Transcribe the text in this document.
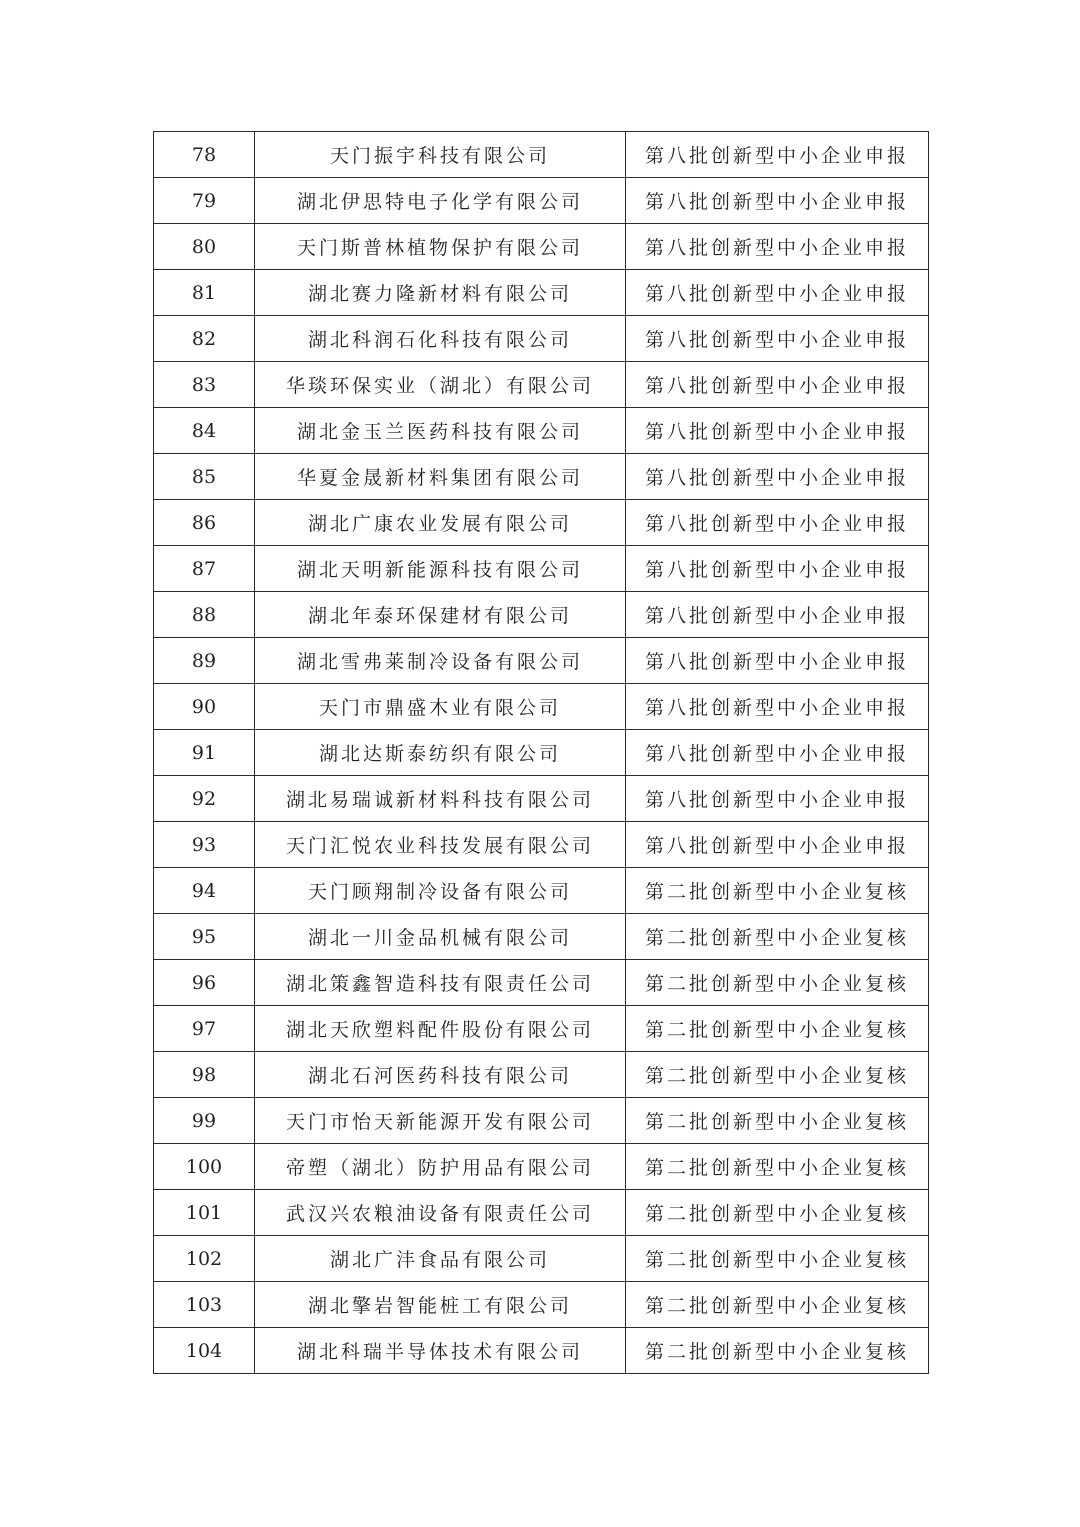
78	天门振宇科技有限公司	第八批创新型中小企业申报
79	湖北伊思特电子化学有限公司	第八批创新型中小企业申报
80	天门斯普林植物保护有限公司	第八批创新型中小企业申报
81	湖北赛力隆新材料有限公司	第八批创新型中小企业申报
82	湖北科润石化科技有限公司	第八批创新型中小企业申报
83	华琰环保实业（湖北）有限公司	第八批创新型中小企业申报
84	湖北金玉兰医药科技有限公司	第八批创新型中小企业申报
85	华夏金晟新材料集团有限公司	第八批创新型中小企业申报
86	湖北广康农业发展有限公司	第八批创新型中小企业申报
87	湖北天明新能源科技有限公司	第八批创新型中小企业申报
88	湖北年泰环保建材有限公司	第八批创新型中小企业申报
89	湖北雪弗莱制冷设备有限公司	第八批创新型中小企业申报
90	天门市鼎盛木业有限公司	第八批创新型中小企业申报
91	湖北达斯泰纺织有限公司	第八批创新型中小企业申报
92	湖北易瑞诚新材料科技有限公司	第八批创新型中小企业申报
93	天门汇悦农业科技发展有限公司	第八批创新型中小企业申报
94	天门顾翔制冷设备有限公司	第二批创新型中小企业复核
95	湖北一川金品机械有限公司	第二批创新型中小企业复核
96	湖北策鑫智造科技有限责任公司	第二批创新型中小企业复核
97	湖北天欣塑料配件股份有限公司	第二批创新型中小企业复核
98	湖北石河医药科技有限公司	第二批创新型中小企业复核
99	天门市怡天新能源开发有限公司	第二批创新型中小企业复核
100	帝塑（湖北）防护用品有限公司	第二批创新型中小企业复核
101	武汉兴农粮油设备有限责任公司	第二批创新型中小企业复核
102	湖北广沣食品有限公司	第二批创新型中小企业复核
103	湖北擎岩智能桩工有限公司	第二批创新型中小企业复核
104	湖北科瑞半导体技术有限公司	第二批创新型中小企业复核
